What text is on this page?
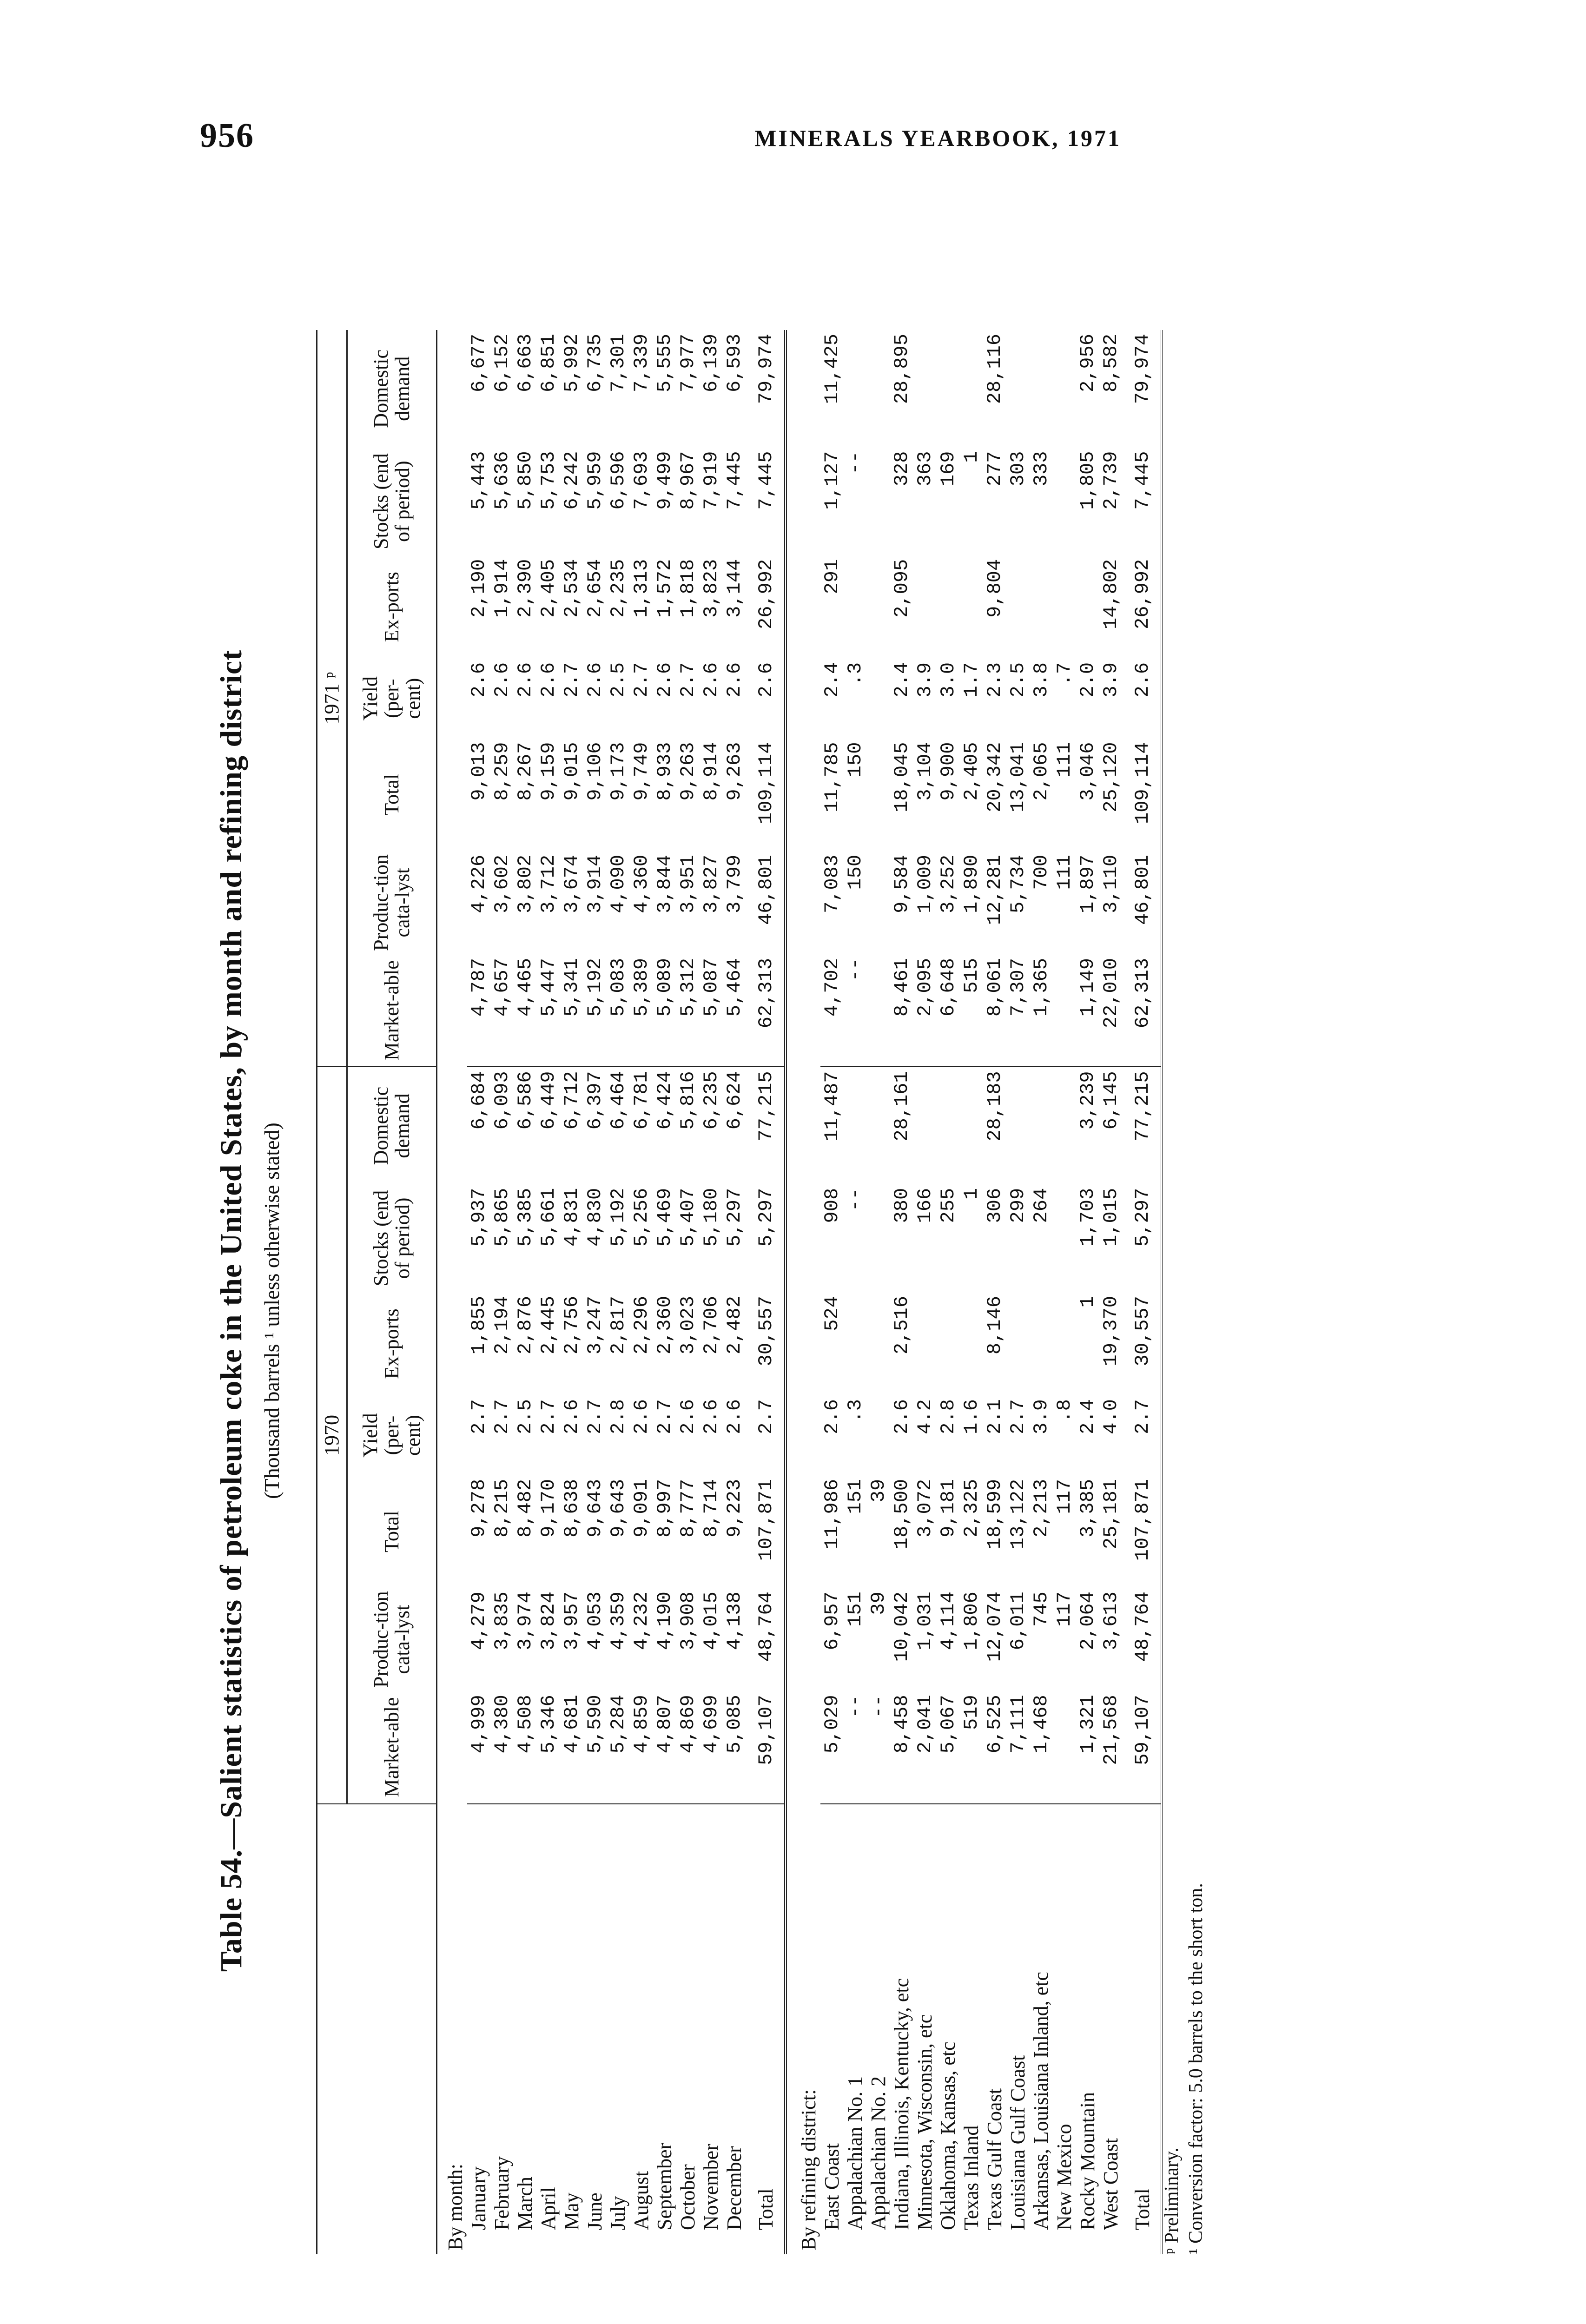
956	MINERALS YEARBOOK, 1971
Table 54.—Salient statistics of petroleum coke in the United States, by month and refining district (Thousand barrels ¹ unless otherwise stated)
	1970							1971 ᵖ						
	Market-able	Produc-tion cata-lyst	Total	Yield (per-cent)	Ex-ports	Stocks (end of period)	Domestic demand	Market-able	Produc-tion cata-lyst	Total	Yield (per-cent)	Ex-ports	Stocks (end of period)	Domestic demand
By month:														
January	4,999	4,279	9,278	2.7	1,855	5,937	6,684	4,787	4,226	9,013	2.6	2,190	5,443	6,677
February	4,380	3,835	8,215	2.7	2,194	5,865	6,093	4,657	3,602	8,259	2.6	1,914	5,636	6,152
March	4,508	3,974	8,482	2.5	2,876	5,385	6,586	4,465	3,802	8,267	2.6	2,390	5,850	6,663
April	5,346	3,824	9,170	2.7	2,445	5,661	6,449	5,447	3,712	9,159	2.6	2,405	5,753	6,851
May	4,681	3,957	8,638	2.6	2,756	4,831	6,712	5,341	3,674	9,015	2.7	2,534	6,242	5,992
June	5,590	4,053	9,643	2.7	3,247	4,830	6,397	5,192	3,914	9,106	2.6	2,654	5,959	6,735
July	5,284	4,359	9,643	2.8	2,817	5,192	6,464	5,083	4,090	9,173	2.5	2,235	6,596	7,301
August	4,859	4,232	9,091	2.6	2,296	5,256	6,781	5,389	4,360	9,749	2.7	1,313	7,693	7,339
September	4,807	4,190	8,997	2.7	2,360	5,469	6,424	5,089	3,844	8,933	2.6	1,572	9,499	5,555
October	4,869	3,908	8,777	2.6	3,023	5,407	5,816	5,312	3,951	9,263	2.7	1,818	8,967	7,977
November	4,699	4,015	8,714	2.6	2,706	5,180	6,235	5,087	3,827	8,914	2.6	3,823	7,919	6,139
December	5,085	4,138	9,223	2.6	2,482	5,297	6,624	5,464	3,799	9,263	2.6	3,144	7,445	6,593
Total	59,107	48,764	107,871	2.7	30,557	5,297	77,215	62,313	46,801	109,114	2.6	26,992	7,445	79,974

By refining district:														
East Coast	5,029	6,957	11,986	2.6	524	908	11,487	4,702	7,083	11,785	2.4	291	1,127	11,425
Appalachian No. 1	--	151	151	.3		--		--	150	150	.3		--	
Appalachian No. 2	--	39	39											
Indiana, Illinois, Kentucky, etc	8,458	10,042	18,500	2.6	2,516	380	28,161	8,461	9,584	18,045	2.4	2,095	328	28,895
Minnesota, Wisconsin, etc	2,041	1,031	3,072	4.2		166		2,095	1,009	3,104	3.9		363	
Oklahoma, Kansas, etc	5,067	4,114	9,181	2.8		255		6,648	3,252	9,900	3.0		169	
Texas Inland	519	1,806	2,325	1.6		1		515	1,890	2,405	1.7		1	
Texas Gulf Coast	6,525	12,074	18,599	2.1	8,146	306	28,183	8,061	12,281	20,342	2.3	9,804	277	28,116
Louisiana Gulf Coast	7,111	6,011	13,122	2.7		299		7,307	5,734	13,041	2.5		303	
Arkansas, Louisiana Inland, etc	1,468	745	2,213	3.9		264		1,365	700	2,065	3.8		333	
New Mexico		117	117	.8					111	111	.7			
Rocky Mountain	1,321	2,064	3,385	2.4	1	1,703	3,239	1,149	1,897	3,046	2.0		1,805	2,956
West Coast	21,568	3,613	25,181	4.0	19,370	1,015	6,145	22,010	3,110	25,120	3.9	14,802	2,739	8,582
Total	59,107	48,764	107,871	2.7	30,557	5,297	77,215	62,313	46,801	109,114	2.6	26,992	7,445	79,974
ᵖ Preliminary. ¹ Conversion factor: 5.0 barrels to the short ton.
